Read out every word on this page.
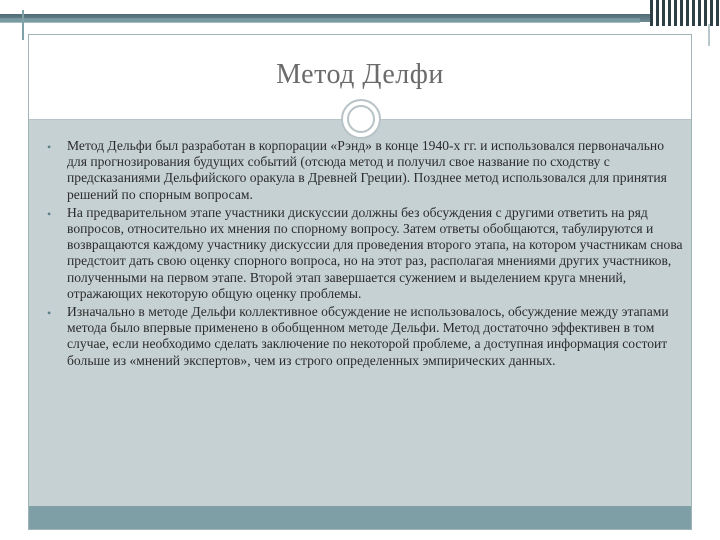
Метод Делфи
• Метод Дельфи был разработан в корпорации «Рэнд» в конце 1940-х гг. и использовался первоначально для прогнозирования будущих событий (отсюда метод и получил свое название по сходству с предсказаниями Дельфийского оракула в Древней Греции). Позднее метод использовался для принятия решений по спорным вопросам.
• На предварительном этапе участники дискуссии должны без обсуждения с другими ответить на ряд вопросов, относительно их мнения по спорному вопросу. Затем ответы обобщаются, табулируются и возвращаются каждому участнику дискуссии для проведения второго этапа, на котором участникам снова предстоит дать свою оценку спорного вопроса, но на этот раз, располагая мнениями других участников, полученными на первом этапе. Второй этап завершается сужением и выделением круга мнений, отражающих некоторую общую оценку проблемы.
• Изначально в методе Дельфи коллективное обсуждение не использовалось, обсуждение между этапами метода было впервые применено в обобщенном методе Дельфи. Метод достаточно эффективен в том случае, если необходимо сделать заключение по некоторой проблеме, а доступная информация состоит больше из «мнений экспертов», чем из строго определенных эмпирических данных.
